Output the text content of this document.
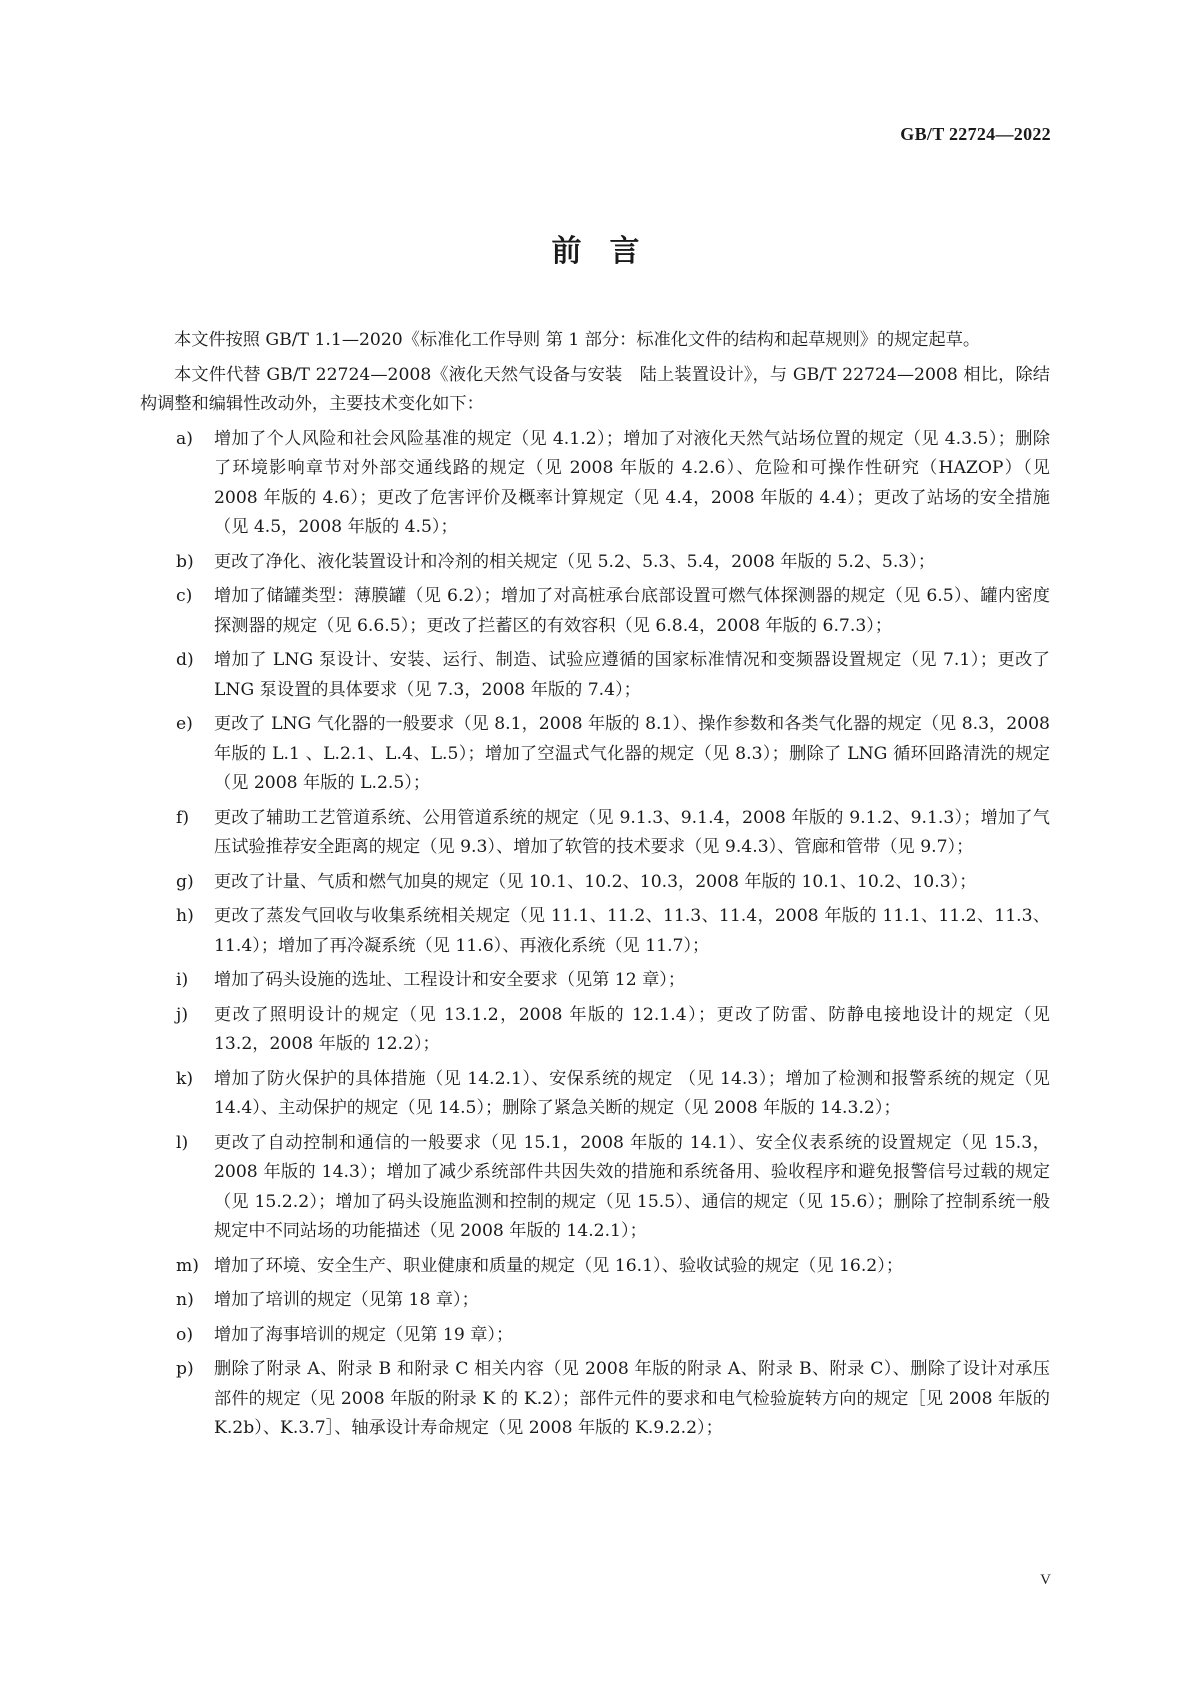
GB/T 22724—2022
前言

本文件按照 GB/T 1.1—2020《标准化工作导则 第 1 部分：标准化文件的结构和起草规则》的规定起草。

本文件代替 GB/T 22724—2008《液化天然气设备与安装　陆上装置设计》，与 GB/T 22724—2008 相比，除结构调整和编辑性改动外，主要技术变化如下：

a)	增加了个人风险和社会风险基准的规定（见 4.1.2）；增加了对液化天然气站场位置的规定（见 4.3.5）；删除了环境影响章节对外部交通线路的规定（见 2008 年版的 4.2.6）、危险和可操作性研究（HAZOP）（见 2008 年版的 4.6）；更改了危害评价及概率计算规定（见 4.4，2008 年版的 4.4）；更改了站场的安全措施（见 4.5，2008 年版的 4.5）；
b)	更改了净化、液化装置设计和冷剂的相关规定（见 5.2、5.3、5.4，2008 年版的 5.2、5.3）；
c)	增加了储罐类型：薄膜罐（见 6.2）；增加了对高桩承台底部设置可燃气体探测器的规定（见 6.5）、罐内密度探测器的规定（见 6.6.5）；更改了拦蓄区的有效容积（见 6.8.4，2008 年版的 6.7.3）；
d)	增加了 LNG 泵设计、安装、运行、制造、试验应遵循的国家标准情况和变频器设置规定（见 7.1）；更改了 LNG 泵设置的具体要求（见 7.3，2008 年版的 7.4）；
e)	更改了 LNG 气化器的一般要求（见 8.1，2008 年版的 8.1）、操作参数和各类气化器的规定（见 8.3，2008 年版的 L.1 、L.2.1、L.4、L.5）；增加了空温式气化器的规定（见 8.3）；删除了 LNG 循环回路清洗的规定（见 2008 年版的 L.2.5）；
f)	更改了辅助工艺管道系统、公用管道系统的规定（见 9.1.3、9.1.4，2008 年版的 9.1.2、9.1.3）；增加了气压试验推荐安全距离的规定（见 9.3）、增加了软管的技术要求（见 9.4.3）、管廊和管带（见 9.7）；
g)	更改了计量、气质和燃气加臭的规定（见 10.1、10.2、10.3，2008 年版的 10.1、10.2、10.3）；
h)	更改了蒸发气回收与收集系统相关规定（见 11.1、11.2、11.3、11.4，2008 年版的 11.1、11.2、11.3、11.4）；增加了再冷凝系统（见 11.6）、再液化系统（见 11.7）；
i)	增加了码头设施的选址、工程设计和安全要求（见第 12 章）；
j)	更改了照明设计的规定（见 13.1.2，2008 年版的 12.1.4）；更改了防雷、防静电接地设计的规定（见 13.2，2008 年版的 12.2）；
k)	增加了防火保护的具体措施（见 14.2.1）、安保系统的规定 （见 14.3）；增加了检测和报警系统的规定（见 14.4）、主动保护的规定（见 14.5）；删除了紧急关断的规定（见 2008 年版的 14.3.2）；
l)	更改了自动控制和通信的一般要求（见 15.1，2008 年版的 14.1）、安全仪表系统的设置规定（见 15.3，2008 年版的 14.3）；增加了减少系统部件共因失效的措施和系统备用、验收程序和避免报警信号过载的规定（见 15.2.2）；增加了码头设施监测和控制的规定（见 15.5）、通信的规定（见 15.6）；删除了控制系统一般规定中不同站场的功能描述（见 2008 年版的 14.2.1）；
m) 增加了环境、安全生产、职业健康和质量的规定（见 16.1）、验收试验的规定（见 16.2）；
n)	增加了培训的规定（见第 18 章）；
o)	增加了海事培训的规定（见第 19 章）；
p)	删除了附录 A、附录 B 和附录 C 相关内容（见 2008 年版的附录 A、附录 B、附录 C）、删除了设计对承压部件的规定（见 2008 年版的附录 K 的 K.2）；部件元件的要求和电气检验旋转方向的规定［见 2008 年版的 K.2b）、K.3.7］、轴承设计寿命规定（见 2008 年版的 K.9.2.2）；
V
